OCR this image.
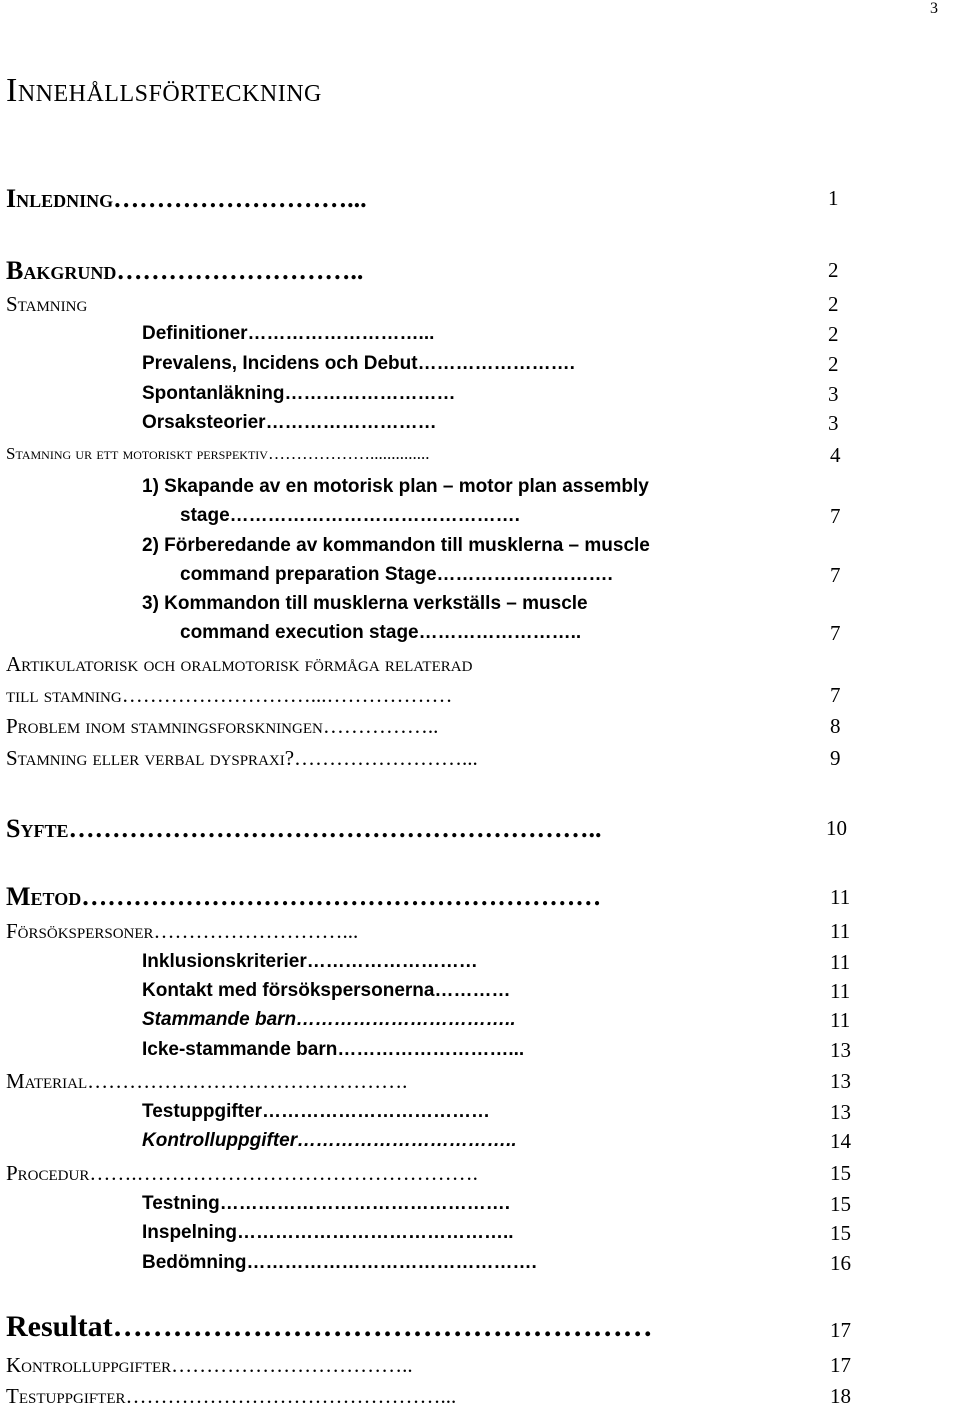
3
Innehållsförteckning
Inledning………………………...	1
Bakgrund………………………..	2
Stamning	2
Definitioner………………………...	2
Prevalens, Incidens och Debut…………………….	2
Spontanläkning………………………	3
Orsaksteorier………………………	3
Stamning ur ett motoriskt perspektiv………………..............	4
1) Skapande av en motorisk plan – motor plan assembly
stage……………………………………….	7
2) Förberedande av kommandon till musklerna – muscle
command preparation Stage……………………….	7
3) Kommandon till musklerna verkställs – muscle
command execution stage……………………..	7
Artikulatorisk och oralmotorisk förmåga relaterad
till stamning………………………...………………	7
Problem inom stamningsforskningen……………..	8
Stamning eller verbal dyspraxi?……………………...	9
Syfte……………………………………………………..	10
Metod……………………………………………………	11
Försökspersoner………………………...	11
Inklusionskriterier………………………	11
Kontakt med försökspersonerna…………	11
Stammande barn……………………………..	11
Icke-stammande barn………………………...	13
Material……………………………………….	13
Testuppgifter………………………………	13
Kontrolluppgifter……………………………..	14
Procedur…….………………………………………….	15
Testning……………………………………….	15
Inspelning……………………………………..	15
Bedömning……………………………………….	16
Resultat………………………………………………	17
Kontrolluppgifter……………………………..	17
Testuppgifter………………………………………...	18
